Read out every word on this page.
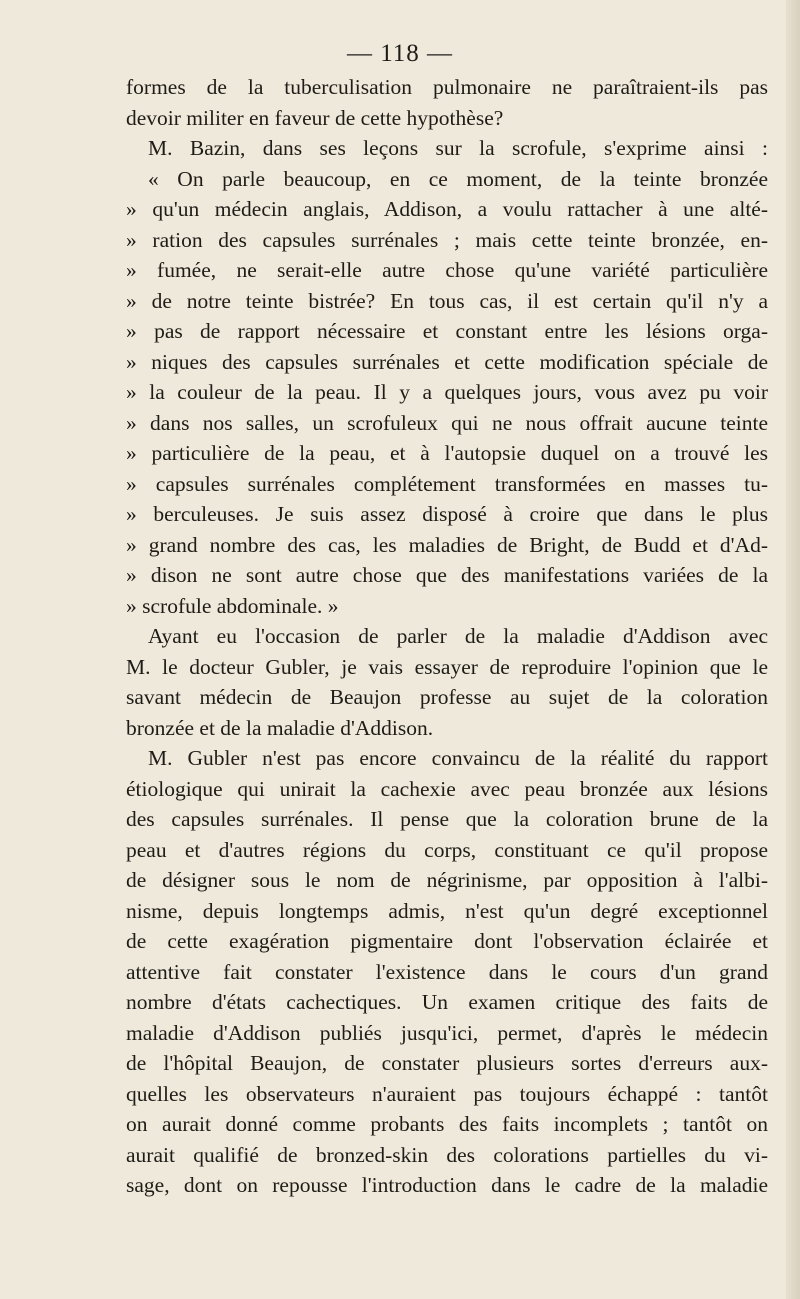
— 118 —
formes de la tuberculisation pulmonaire ne paraîtraient-ils pas
devoir militer en faveur de cette hypothèse?
M. Bazin, dans ses leçons sur la scrofule, s'exprime ainsi :
« On parle beaucoup, en ce moment, de la teinte bronzée
» qu'un médecin anglais, Addison, a voulu rattacher à une alté-
» ration des capsules surrénales ; mais cette teinte bronzée, en-
» fumée, ne serait-elle autre chose qu'une variété particulière
» de notre teinte bistrée? En tous cas, il est certain qu'il n'y a
» pas de rapport nécessaire et constant entre les lésions orga-
» niques des capsules surrénales et cette modification spéciale de
» la couleur de la peau. Il y a quelques jours, vous avez pu voir
» dans nos salles, un scrofuleux qui ne nous offrait aucune teinte
» particulière de la peau, et à l'autopsie duquel on a trouvé les
» capsules surrénales complétement transformées en masses tu-
» berculeuses. Je suis assez disposé à croire que dans le plus
» grand nombre des cas, les maladies de Bright, de Budd et d'Ad-
» dison ne sont autre chose que des manifestations variées de la
» scrofule abdominale. »
Ayant eu l'occasion de parler de la maladie d'Addison avec
M. le docteur Gubler, je vais essayer de reproduire l'opinion que le
savant médecin de Beaujon professe au sujet de la coloration
bronzée et de la maladie d'Addison.
M. Gubler n'est pas encore convaincu de la réalité du rapport
étiologique qui unirait la cachexie avec peau bronzée aux lésions
des capsules surrénales. Il pense que la coloration brune de la
peau et d'autres régions du corps, constituant ce qu'il propose
de désigner sous le nom de négrinisme, par opposition à l'albi-
nisme, depuis longtemps admis, n'est qu'un degré exceptionnel
de cette exagération pigmentaire dont l'observation éclairée et
attentive fait constater l'existence dans le cours d'un grand
nombre d'états cachectiques. Un examen critique des faits de
maladie d'Addison publiés jusqu'ici, permet, d'après le médecin
de l'hôpital Beaujon, de constater plusieurs sortes d'erreurs aux-
quelles les observateurs n'auraient pas toujours échappé : tantôt
on aurait donné comme probants des faits incomplets ; tantôt on
aurait qualifié de bronzed-skin des colorations partielles du vi-
sage, dont on repousse l'introduction dans le cadre de la maladie
